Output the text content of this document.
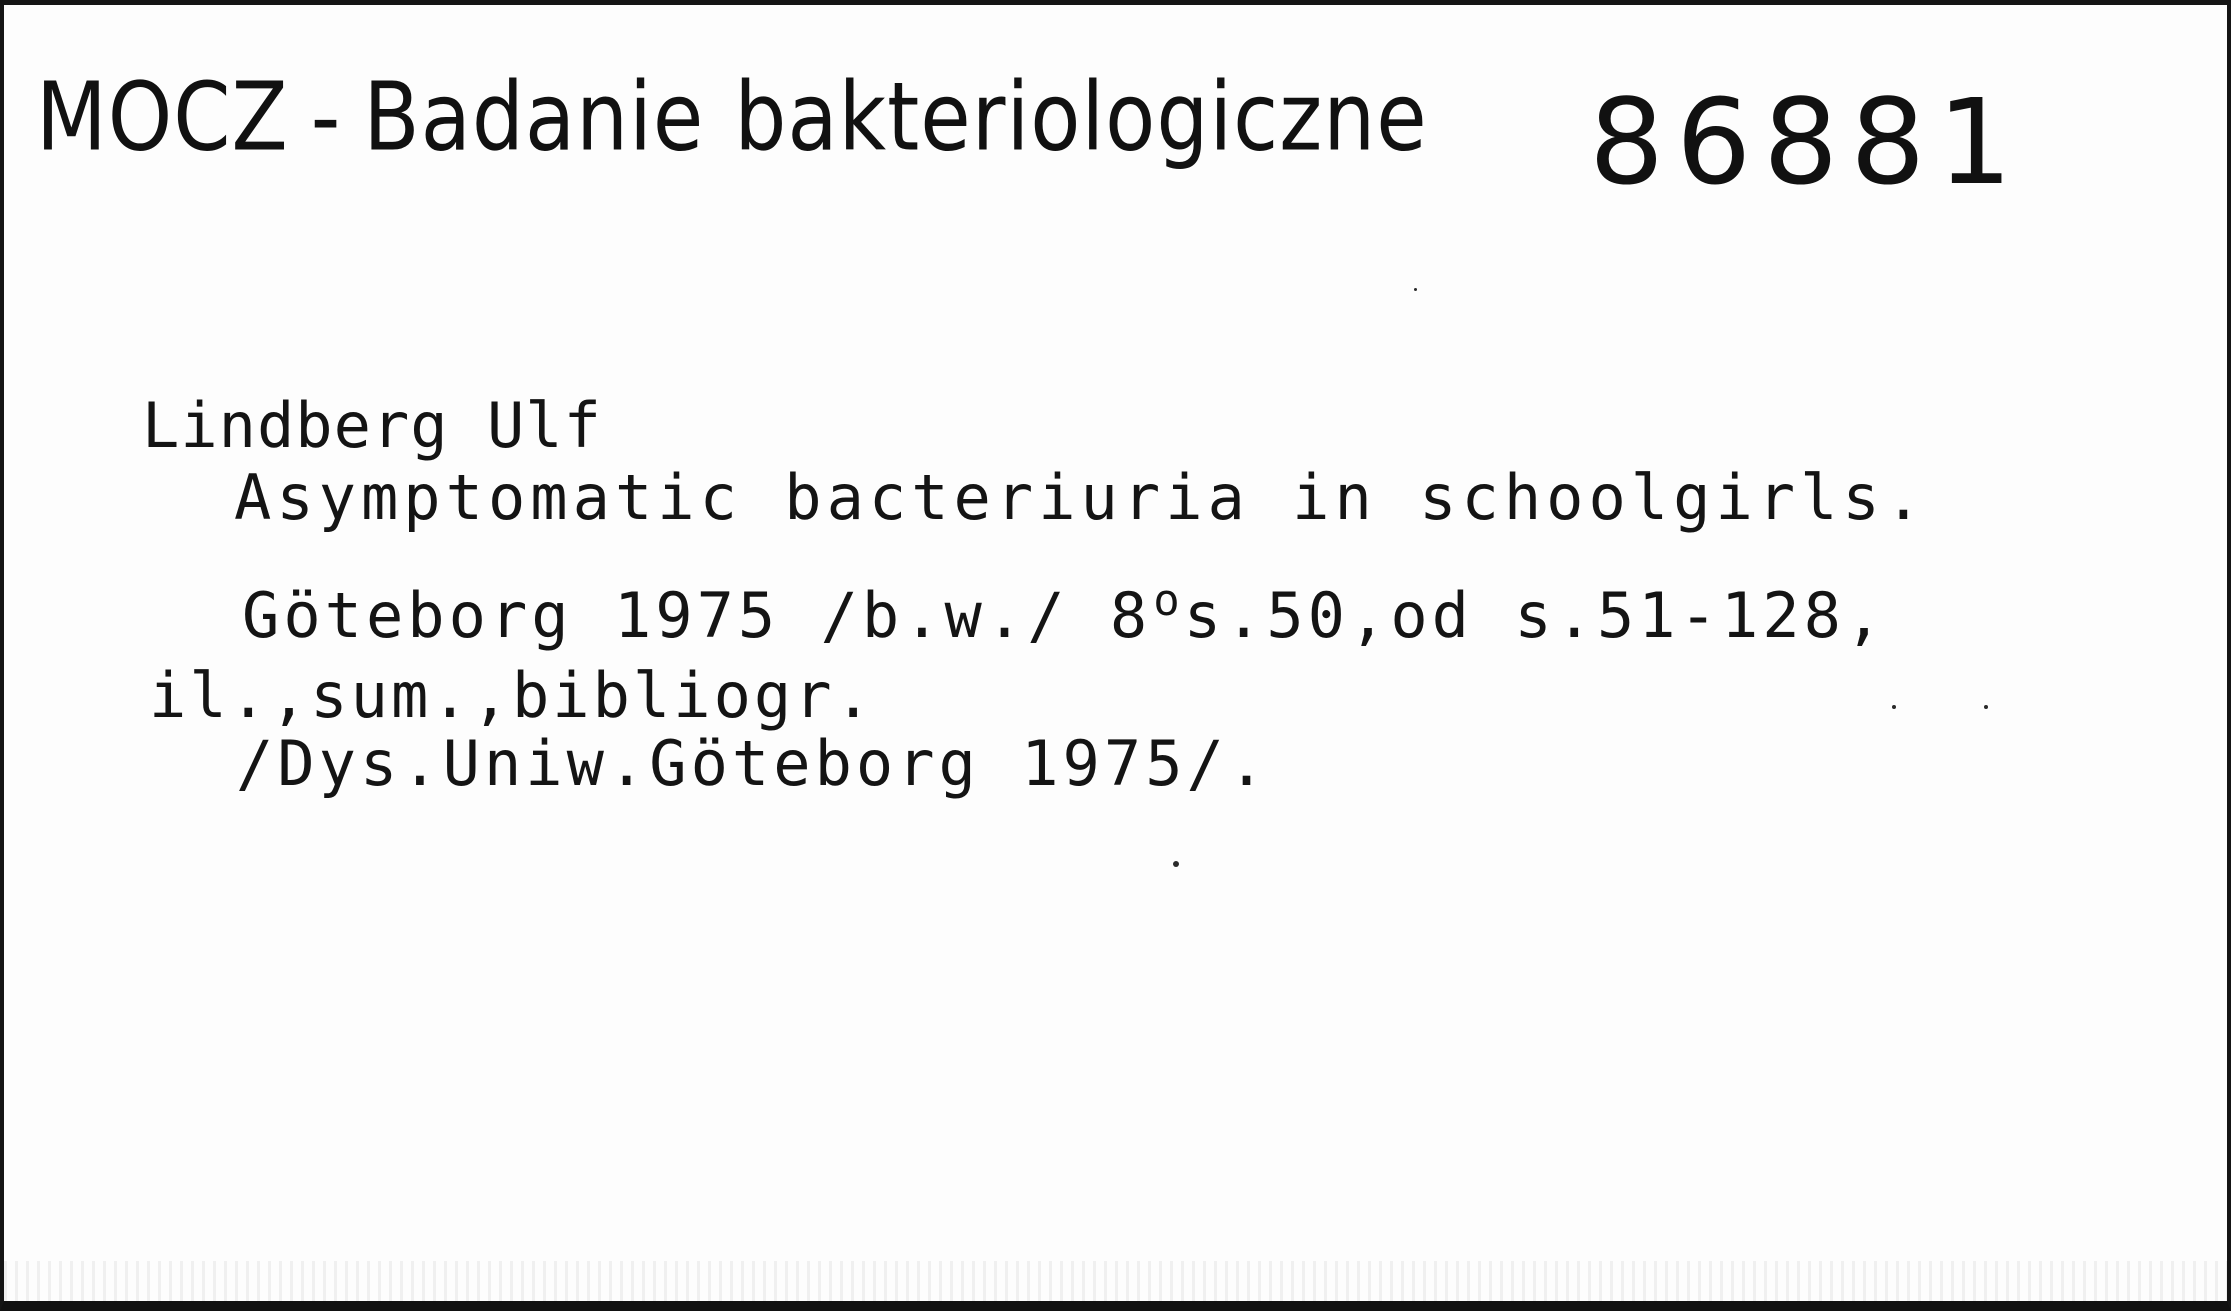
MOCZ - Badanie bakteriologiczne 86881
Lindberg Ulf
Asymptomatic bacteriuria in schoolgirls.
Göteborg 1975 /b.w./ 8$^o$s.50,od s.51-128,
il.,sum.,bibliogr.
/Dys.Uniw.Göteborg 1975/.
